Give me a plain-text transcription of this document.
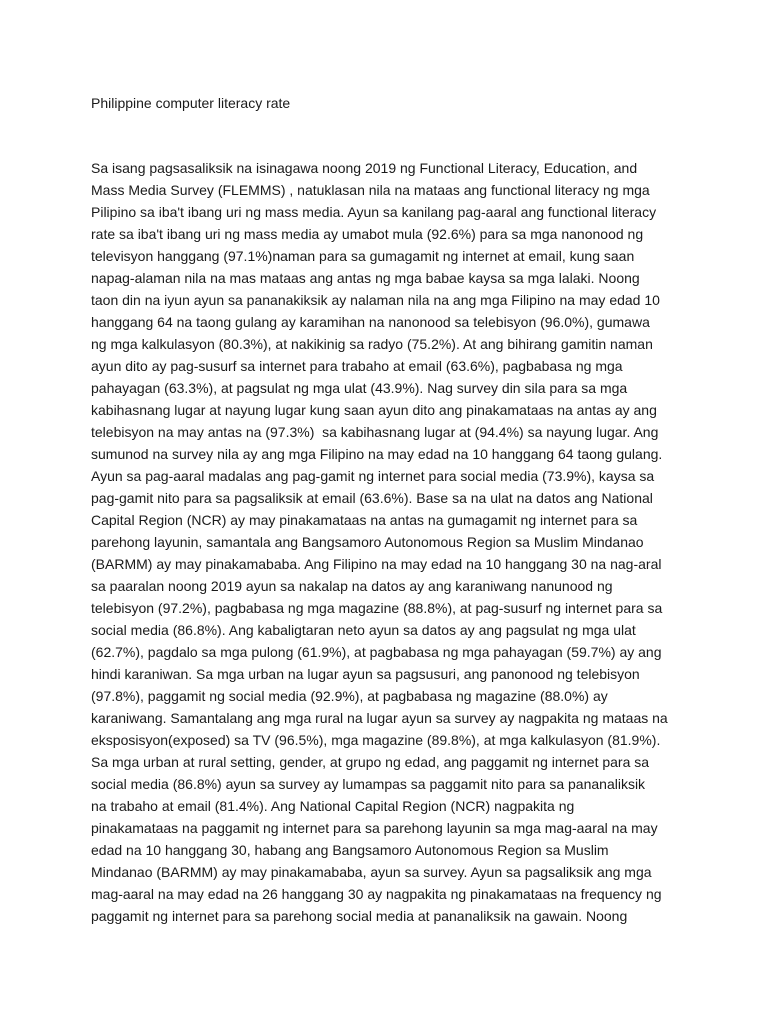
Philippine computer literacy rate
Sa isang pagsasaliksik na isinagawa noong 2019 ng Functional Literacy, Education, and
Mass Media Survey (FLEMMS) , natuklasan nila na mataas ang functional literacy ng mga
Pilipino sa iba't ibang uri ng mass media. Ayun sa kanilang pag-aaral ang functional literacy
rate sa iba't ibang uri ng mass media ay umabot mula (92.6%) para sa mga nanonood ng
televisyon hanggang (97.1%)naman para sa gumagamit ng internet at email, kung saan
napag-alaman nila na mas mataas ang antas ng mga babae kaysa sa mga lalaki. Noong
taon din na iyun ayun sa pananakiksik ay nalaman nila na ang mga Filipino na may edad 10
hanggang 64 na taong gulang ay karamihan na nanonood sa telebisyon (96.0%), gumawa
ng mga kalkulasyon (80.3%), at nakikinig sa radyo (75.2%). At ang bihirang gamitin naman
ayun dito ay pag-susurf sa internet para trabaho at email (63.6%), pagbabasa ng mga
pahayagan (63.3%), at pagsulat ng mga ulat (43.9%). Nag survey din sila para sa mga
kabihasnang lugar at nayung lugar kung saan ayun dito ang pinakamataas na antas ay ang
telebisyon na may antas na (97.3%)  sa kabihasnang lugar at (94.4%) sa nayung lugar. Ang
sumunod na survey nila ay ang mga Filipino na may edad na 10 hanggang 64 taong gulang.
Ayun sa pag-aaral madalas ang pag-gamit ng internet para social media (73.9%), kaysa sa
pag-gamit nito para sa pagsaliksik at email (63.6%). Base sa na ulat na datos ang National
Capital Region (NCR) ay may pinakamataas na antas na gumagamit ng internet para sa
parehong layunin, samantala ang Bangsamoro Autonomous Region sa Muslim Mindanao
(BARMM) ay may pinakamababa. Ang Filipino na may edad na 10 hanggang 30 na nag-aral
sa paaralan noong 2019 ayun sa nakalap na datos ay ang karaniwang nanunood ng
telebisyon (97.2%), pagbabasa ng mga magazine (88.8%), at pag-susurf ng internet para sa
social media (86.8%). Ang kabaligtaran neto ayun sa datos ay ang pagsulat ng mga ulat
(62.7%), pagdalo sa mga pulong (61.9%), at pagbabasa ng mga pahayagan (59.7%) ay ang
hindi karaniwan. Sa mga urban na lugar ayun sa pagsusuri, ang panonood ng telebisyon
(97.8%), paggamit ng social media (92.9%), at pagbabasa ng magazine (88.0%) ay
karaniwang. Samantalang ang mga rural na lugar ayun sa survey ay nagpakita ng mataas na
eksposisyon(exposed) sa TV (96.5%), mga magazine (89.8%), at mga kalkulasyon (81.9%).
Sa mga urban at rural setting, gender, at grupo ng edad, ang paggamit ng internet para sa
social media (86.8%) ayun sa survey ay lumampas sa paggamit nito para sa pananaliksik
na trabaho at email (81.4%). Ang National Capital Region (NCR) nagpakita ng
pinakamataas na paggamit ng internet para sa parehong layunin sa mga mag-aaral na may
edad na 10 hanggang 30, habang ang Bangsamoro Autonomous Region sa Muslim
Mindanao (BARMM) ay may pinakamababa, ayun sa survey. Ayun sa pagsaliksik ang mga
mag-aaral na may edad na 26 hanggang 30 ay nagpakita ng pinakamataas na frequency ng
paggamit ng internet para sa parehong social media at pananaliksik na gawain. Noong
